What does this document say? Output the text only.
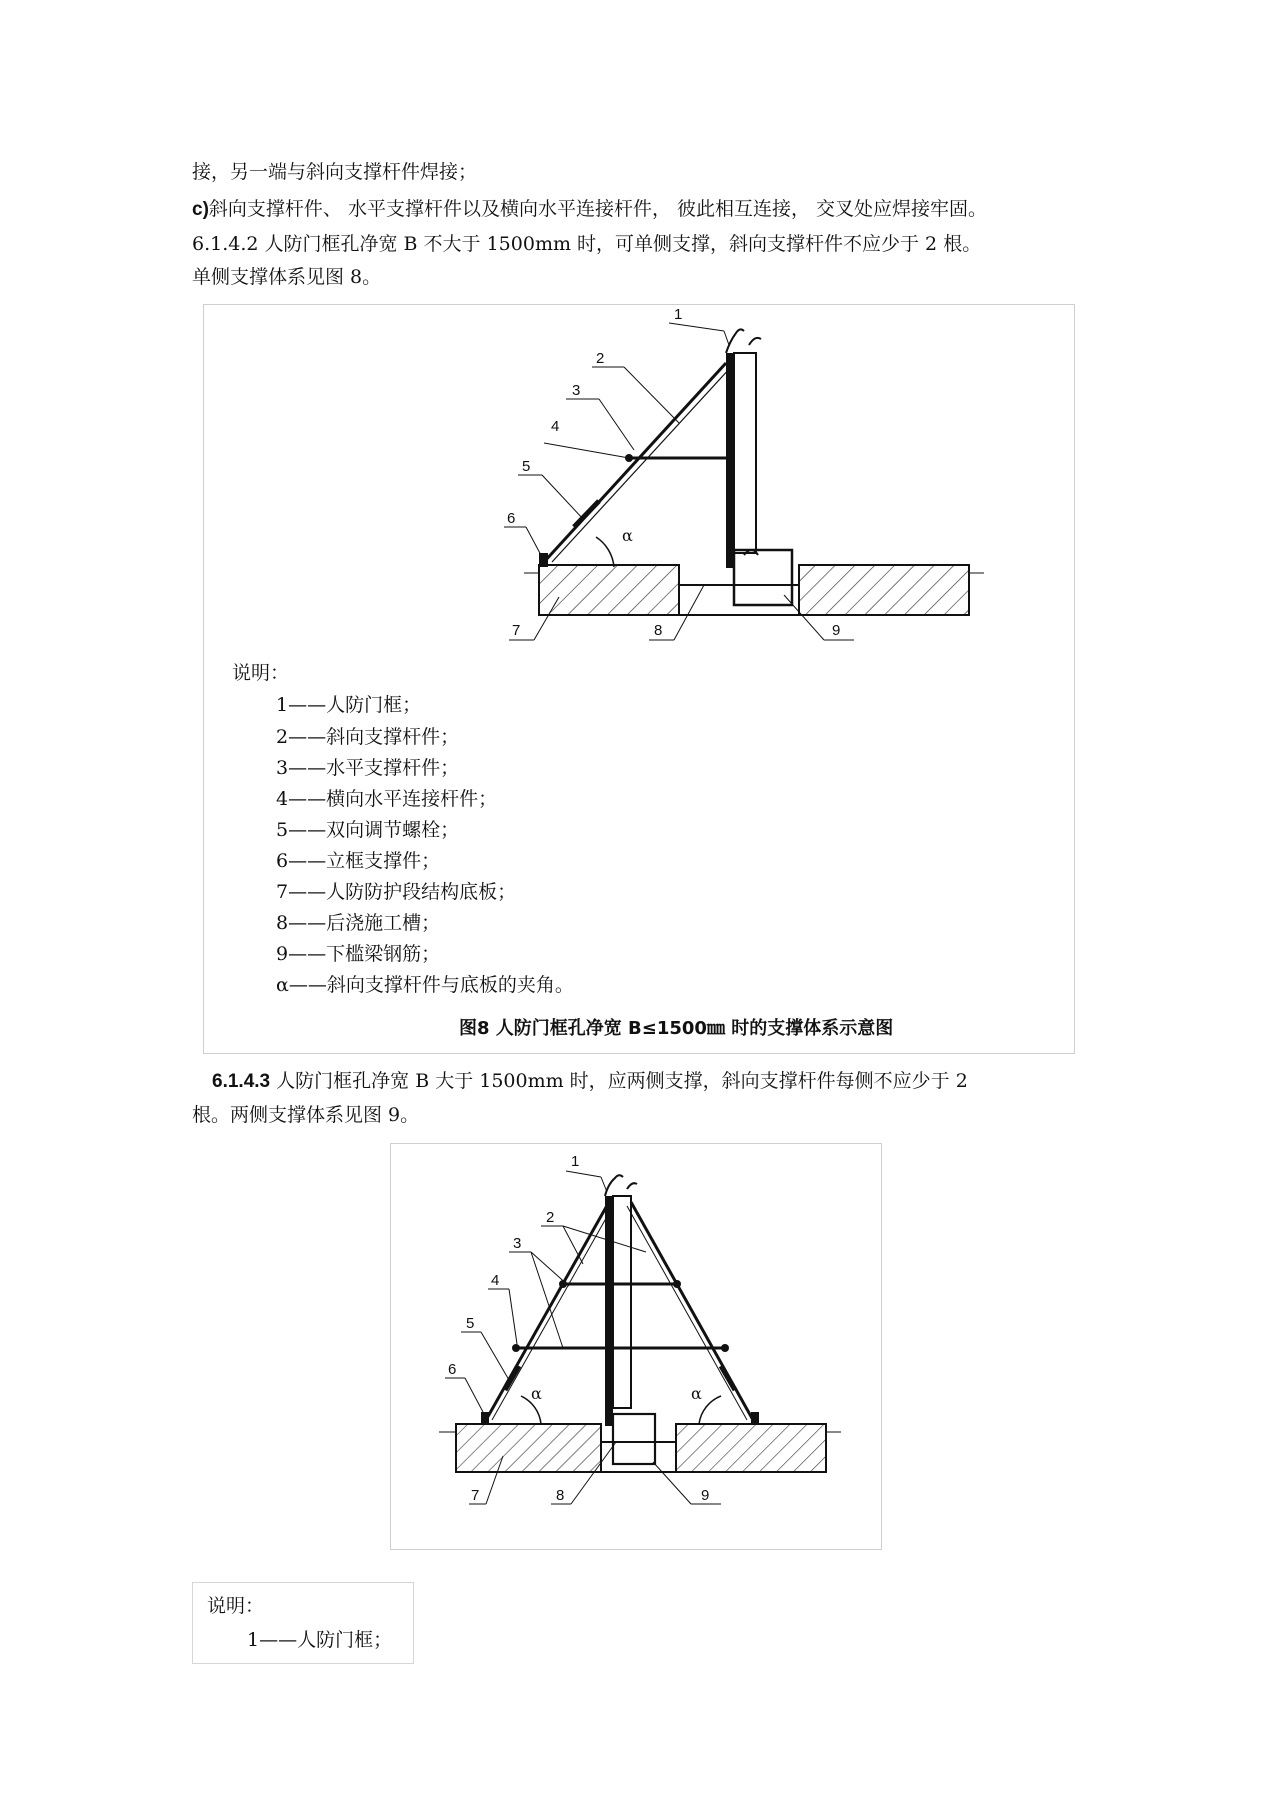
接，另一端与斜向支撑杆件焊接；
c)斜向支撑杆件、 水平支撑杆件以及横向水平连接杆件， 彼此相互连接， 交叉处应焊接牢固。
6.1.4.2 人防门框孔净宽 B 不大于 1500mm 时，可单侧支撑，斜向支撑杆件不应少于 2 根。
单侧支撑体系见图 8。
α
1
2
3
4
5
6
7	8	9
说明：
1——人防门框；
2——斜向支撑杆件；
3——水平支撑杆件；
4——横向水平连接杆件；
5——双向调节螺栓；
6——立框支撑件；
7——人防防护段结构底板；
8——后浇施工槽；
9——下槛梁钢筋；
α——斜向支撑杆件与底板的夹角。
图8 人防门框孔净宽 B≤1500㎜ 时的支撑体系示意图
6.1.4.3 人防门框孔净宽 B 大于 1500mm 时，应两侧支撑，斜向支撑杆件每侧不应少于 2
根。两侧支撑体系见图 9。
α	α
1
2
3
4
5
6
7	8	9
说明：
1——人防门框；
